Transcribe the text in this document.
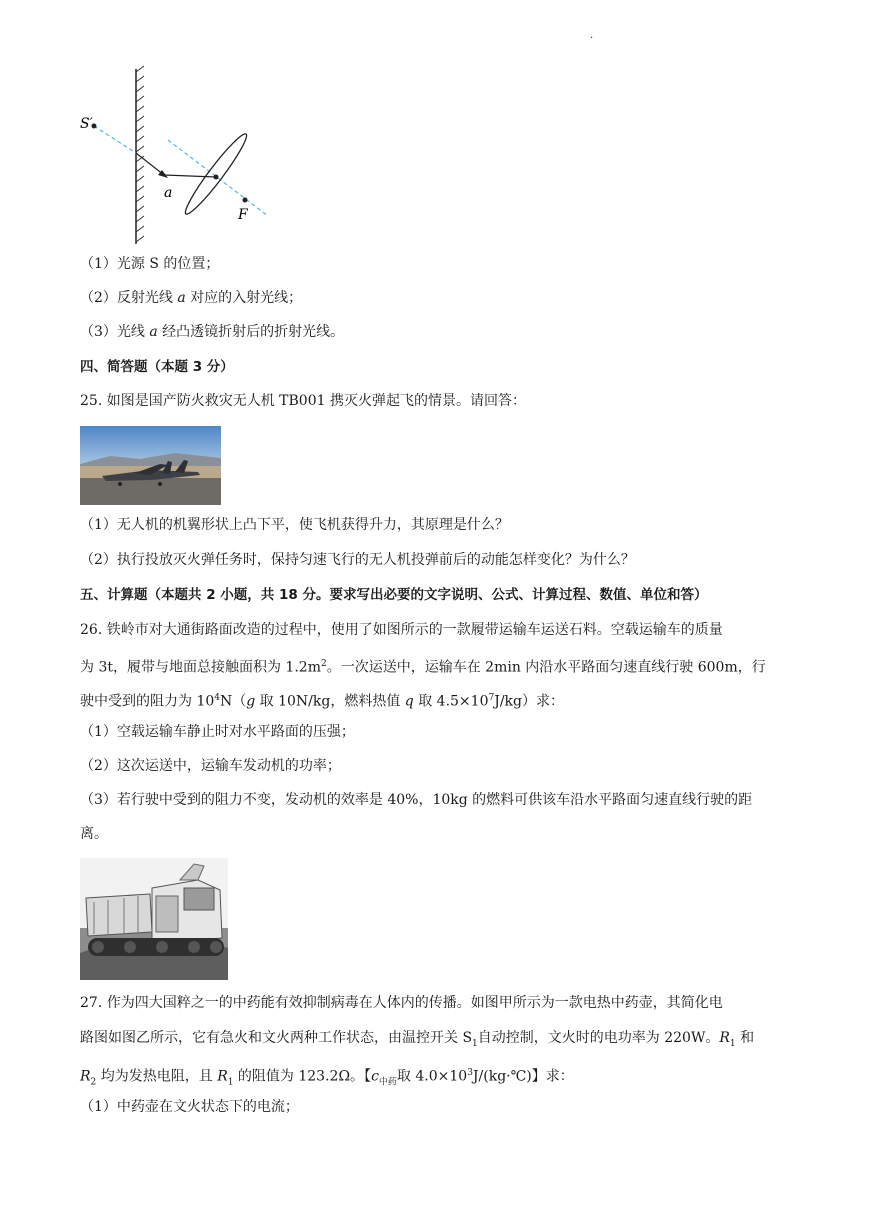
.
S′
a
F
（1）光源 S 的位置；
（2）反射光线 a 对应的入射光线；
（3）光线 a 经凸透镜折射后的折射光线。
四、简答题（本题 3 分）
25. 如图是国产防火救灾无人机 TB001 携灭火弹起飞的情景。请回答：
（1）无人机的机翼形状上凸下平，使飞机获得升力，其原理是什么？
（2）执行投放灭火弹任务时，保持匀速飞行的无人机投弹前后的动能怎样变化？为什么？
五、计算题（本题共 2 小题，共 18 分。要求写出必要的文字说明、公式、计算过程、数值、单位和答）
26. 铁岭市对大通街路面改造的过程中，使用了如图所示的一款履带运输车运送石料。空载运输车的质量
为 3t，履带与地面总接触面积为 $1.2m^2$。一次运送中，运输车在 2min 内沿水平路面匀速直线行驶 600m，行
驶中受到的阻力为 $10^4N(g$ 取 10N/kg，燃料热值 q 取 $4.5\times 10^7J/kg$）求：
（1）空载运输车静止时对水平路面的压强；
（2）这次运送中，运输车发动机的功率；
（3）若行驶中受到的阻力不变，发动机的效率是 40%，10kg 的燃料可供该车沿水平路面匀速直线行驶的距
离。
27. 作为四大国粹之一的中药能有效抑制病毒在人体内的传播。如图甲所示为一款电热中药壶，其简化电
路图如图乙所示，它有急火和文火两种工作状态，由温控开关 $S_1$自动控制，文火时的电功率为 220W。$R_1$ 和
$R_2$ 均为发热电阻，且 $R_1$ 的阻值为 123.2Ω。【$c_{中药}$取 $4.0\times 10^3J/(kg\cdot℃)$】求：
（1）中药壶在文火状态下的电流；
